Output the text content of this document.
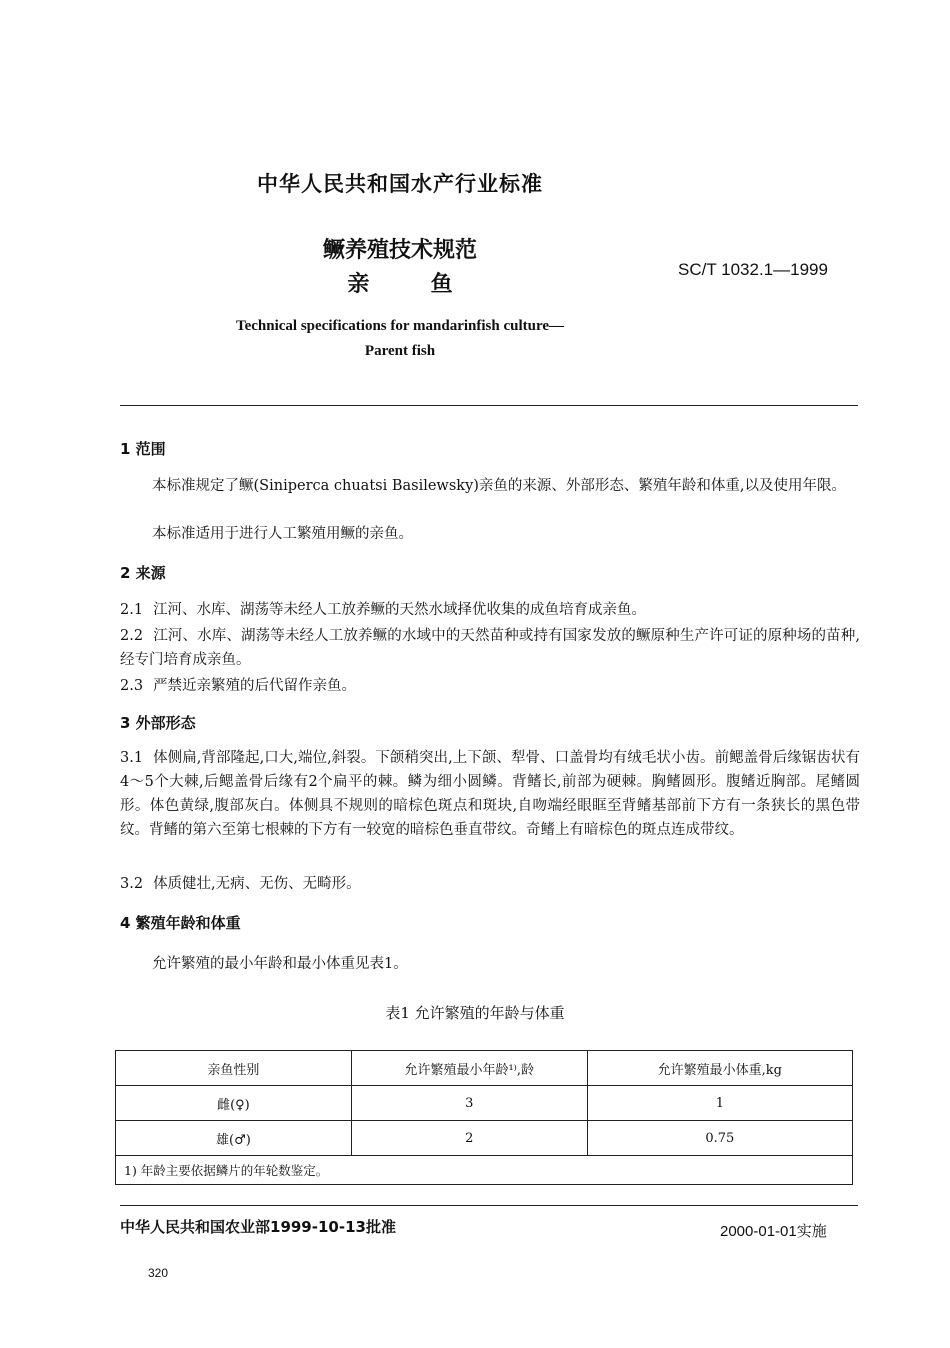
中华人民共和国水产行业标准
鳜养殖技术规范
亲        鱼
SC/T 1032.1—1999
Technical specifications for mandarinfish culture—
Parent fish
1 范围
本标准规定了鳜(Siniperca chuatsi Basilewsky)亲鱼的来源、外部形态、繁殖年龄和体重,以及使用年限。
本标准适用于进行人工繁殖用鳜的亲鱼。
2 来源
2.1 江河、水库、湖荡等未经人工放养鳜的天然水域择优收集的成鱼培育成亲鱼。
2.2 江河、水库、湖荡等未经人工放养鳜的水域中的天然苗种或持有国家发放的鳜原种生产许可证的原种场的苗种,经专门培育成亲鱼。
2.3 严禁近亲繁殖的后代留作亲鱼。
3 外部形态
3.1 体侧扁,背部隆起,口大,端位,斜裂。下颌稍突出,上下颌、犁骨、口盖骨均有绒毛状小齿。前鳃盖骨后缘锯齿状有4～5个大棘,后鳃盖骨后缘有2个扁平的棘。鳞为细小圆鳞。背鳍长,前部为硬棘。胸鳍圆形。腹鳍近胸部。尾鳍圆形。体色黄绿,腹部灰白。体侧具不规则的暗棕色斑点和斑块,自吻端经眼眶至背鳍基部前下方有一条狭长的黑色带纹。背鳍的第六至第七根棘的下方有一较宽的暗棕色垂直带纹。奇鳍上有暗棕色的斑点连成带纹。
3.2 体质健壮,无病、无伤、无畸形。
4 繁殖年龄和体重
允许繁殖的最小年龄和最小体重见表1。
表1 允许繁殖的年龄与体重
亲鱼性别	允许繁殖最小年龄¹⁾,龄	允许繁殖最小体重,kg
雌(♀)	3	1
雄(♂)	2	0.75
1) 年龄主要依据鳞片的年轮数鉴定。		
中华人民共和国农业部1999-10-13批准	2000-01-01实施
320
